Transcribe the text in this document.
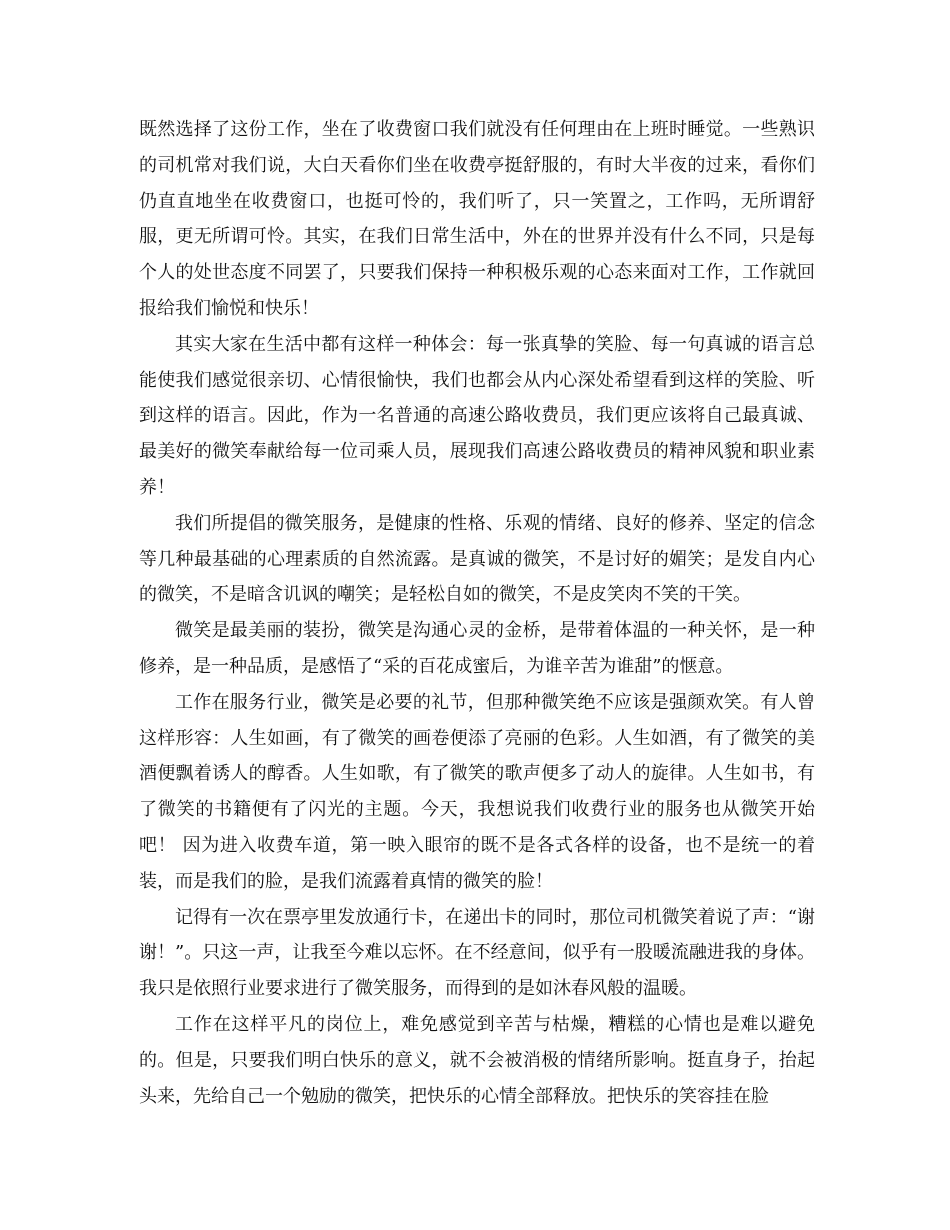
既然选择了这份工作，坐在了收费窗口我们就没有任何理由在上班时睡觉。一些熟识的司机常对我们说，大白天看你们坐在收费亭挺舒服的，有时大半夜的过来，看你们仍直直地坐在收费窗口，也挺可怜的，我们听了，只一笑置之，工作吗，无所谓舒服，更无所谓可怜。其实，在我们日常生活中，外在的世界并没有什么不同，只是每个人的处世态度不同罢了，只要我们保持一种积极乐观的心态来面对工作，工作就回报给我们愉悦和快乐！

其实大家在生活中都有这样一种体会：每一张真挚的笑脸、每一句真诚的语言总 能使我们感觉很亲切、心情很愉快，我们也都会从内心深处希望看到这样的笑脸、听到这样的语言。因此，作为一名普通的高速公路收费员，我们更应该将自己最真诚、最美好的微笑奉献给每一位司乘人员，展现我们高速公路收费员的精神风貌和职业素养！

我们所提倡的微笑服务，是健康的性格、乐观的情绪、良好的修养、坚定的信念等几种最基础的心理素质的自然流露。是真诚的微笑，不是讨好的媚笑；是发自内心的微笑，不是暗含讥讽的嘲笑；是轻松自如的微笑，不是皮笑肉不笑的干笑。

微笑是最美丽的装扮，微笑是沟通心灵的金桥，是带着体温的一种关怀，是一种修养，是一种品质，是感悟了“采的百花成蜜后，为谁辛苦为谁甜”的惬意。

工作在服务行业，微笑是必要的礼节，但那种微笑绝不应该是强颜欢笑。有人曾这样形容：人生如画，有了微笑的画卷便添了亮丽的色彩。人生如酒，有了微笑的美酒便飘着诱人的醇香。人生如歌，有了微笑的歌声便多了动人的旋律。人生如书，有了微笑的书籍便有了闪光的主题。今天，我想说我们收费行业的服务也从微笑开始吧！ 因为进入收费车道，第一映入眼帘的既不是各式各样的设备，也不是统一的着装，而是我们的脸，是我们流露着真情的微笑的脸！

记得有一次在票亭里发放通行卡，在递出卡的同时，那位司机微笑着说了声：“谢谢！”。只这一声，让我至今难以忘怀。在不经意间，似乎有一股暖流融进我的身体。我只是依照行业要求进行了微笑服务，而得到的是如沐春风般的温暖。

工作在这样平凡的岗位上，难免感觉到辛苦与枯燥，糟糕的心情也是难以避免的。但是，只要我们明白快乐的意义，就不会被消极的情绪所影响。挺直身子，抬起头来，先给自己一个勉励的微笑，把快乐的心情全部释放。把快乐的笑容挂在脸
